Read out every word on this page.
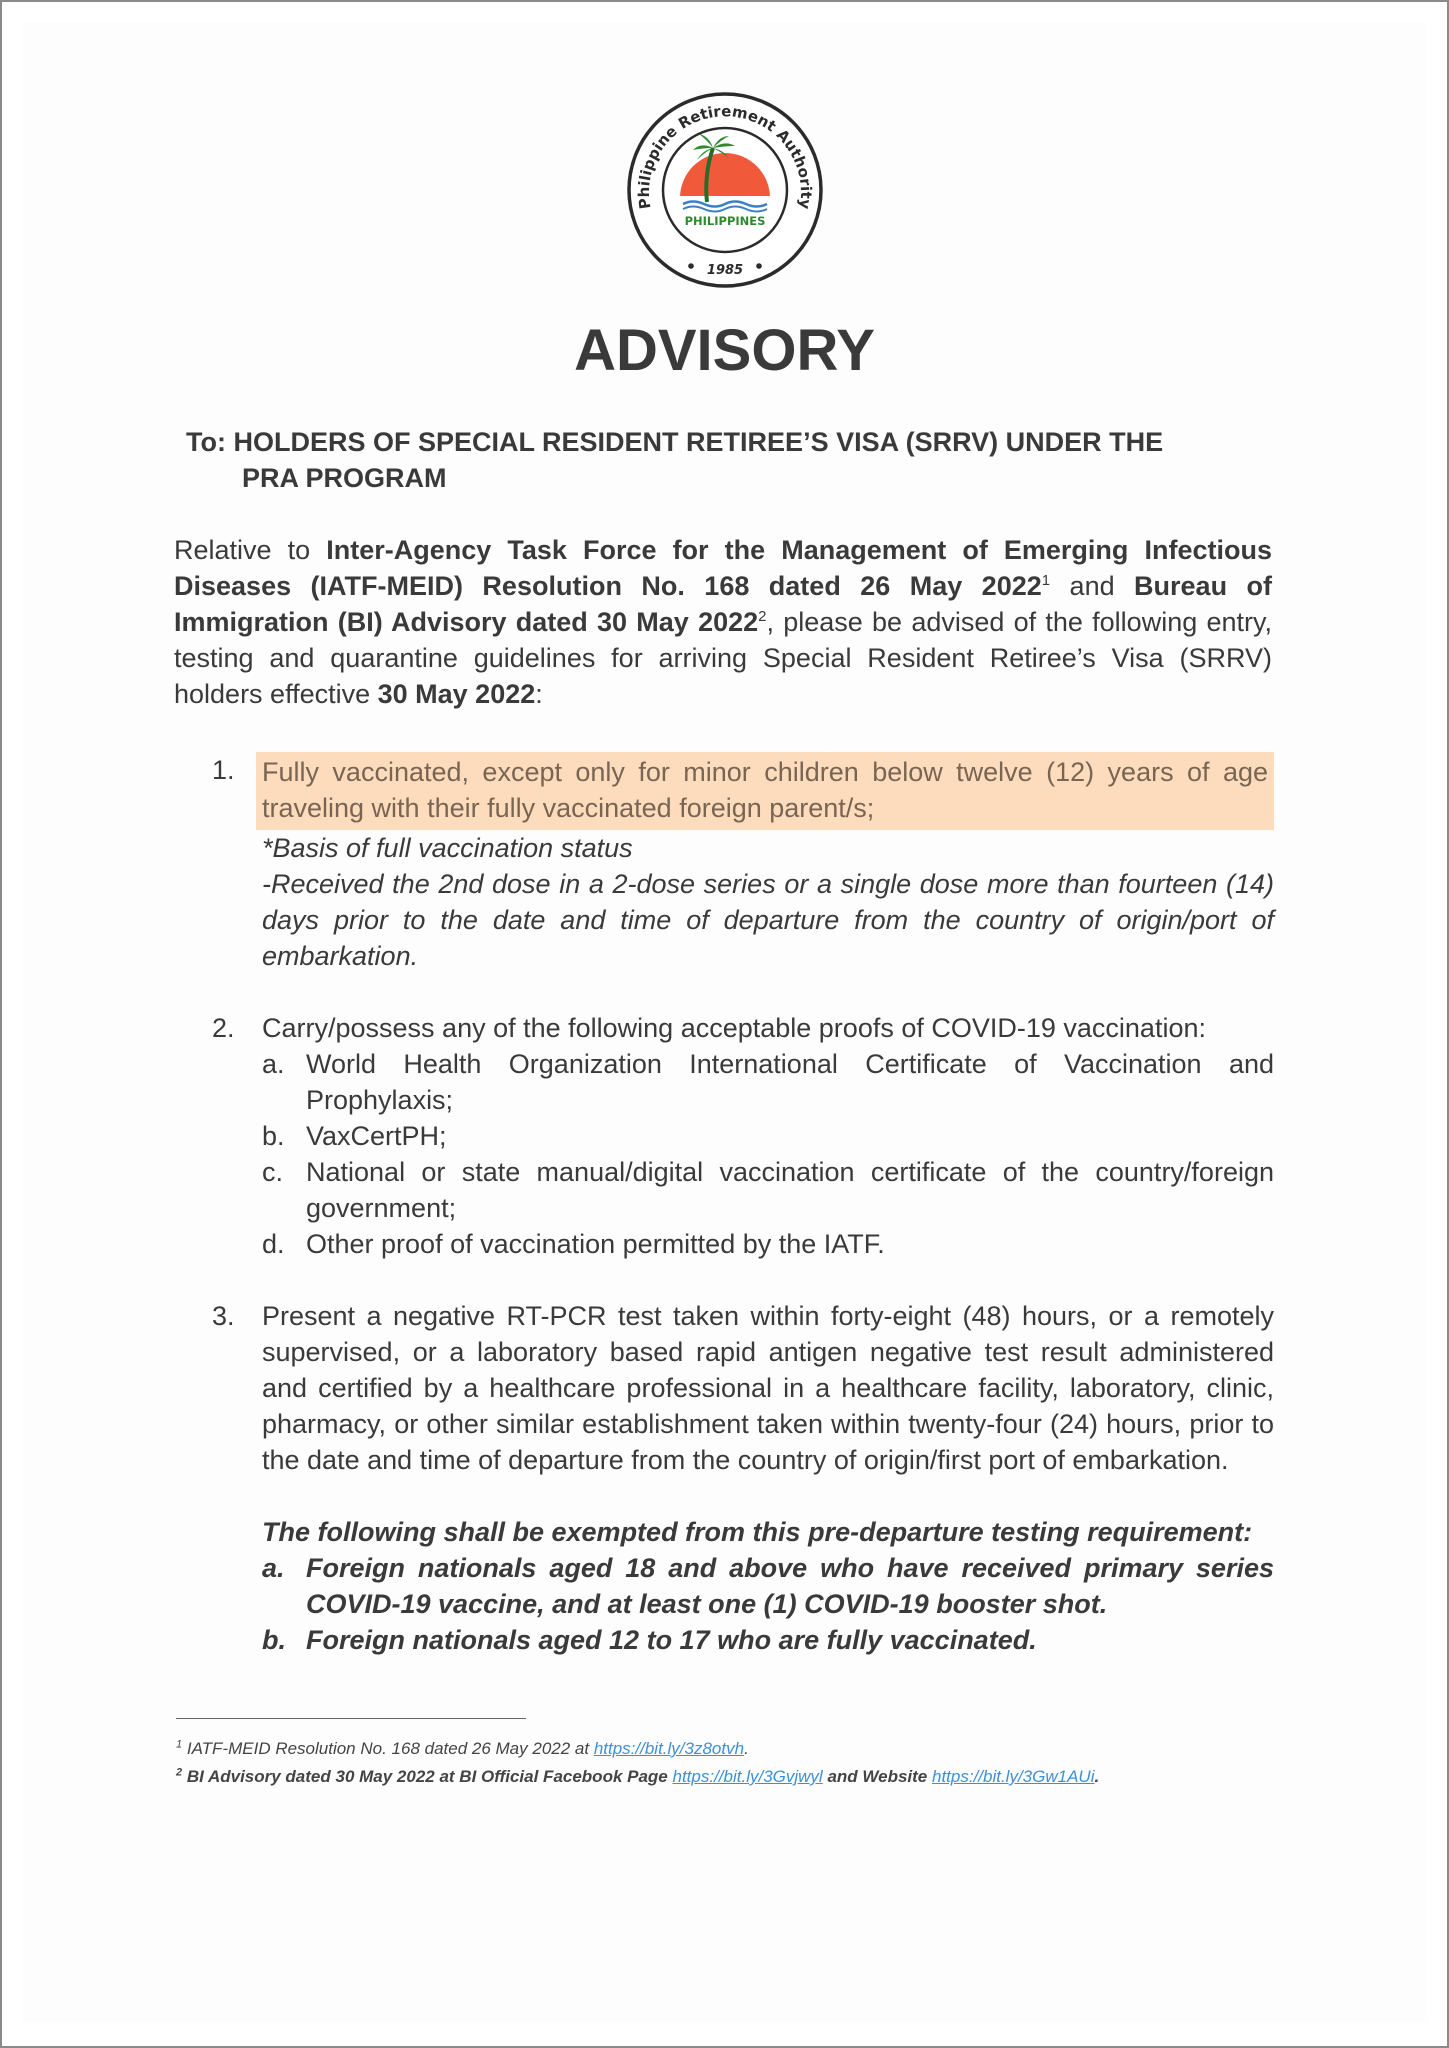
Philippine Retirement Authority
1985
PHILIPPINES
ADVISORY
To: HOLDERS OF SPECIAL RESIDENT RETIREE’S VISA (SRRV) UNDER THE
PRA PROGRAM
Relative to Inter-Agency Task Force for the Management of Emerging Infectious Diseases (IATF-MEID) Resolution No. 168 dated 26 May 2022$^1$ and Bureau of Immigration (BI) Advisory dated 30 May 2022$^2$, please be advised of the following entry, testing and quarantine guidelines for arriving Special Resident Retiree’s Visa (SRRV) holders effective 30 May 2022:
1. Fully vaccinated, except only for minor children below twelve (12) years of age traveling with their fully vaccinated foreign parent/s;
*Basis of full vaccination status
-Received the 2nd dose in a 2-dose series or a single dose more than fourteen (14) days prior to the date and time of departure from the country of origin/port of embarkation.
2. Carry/possess any of the following acceptable proofs of COVID-19 vaccination:
a. World Health Organization International Certificate of Vaccination and Prophylaxis;
b. VaxCertPH;
c. National or state manual/digital vaccination certificate of the country/foreign government;
d. Other proof of vaccination permitted by the IATF.
3. Present a negative RT-PCR test taken within forty-eight (48) hours, or a remotely supervised, or a laboratory based rapid antigen negative test result administered and certified by a healthcare professional in a healthcare facility, laboratory, clinic, pharmacy, or other similar establishment taken within twenty-four (24) hours, prior to the date and time of departure from the country of origin/first port of embarkation.
The following shall be exempted from this pre-departure testing requirement:
a. Foreign nationals aged 18 and above who have received primary series COVID-19 vaccine, and at least one (1) COVID-19 booster shot.
b. Foreign nationals aged 12 to 17 who are fully vaccinated.
$^1$ IATF-MEID Resolution No. 168 dated 26 May 2022 at https://bit.ly/3z8otvh.
$^2$ BI Advisory dated 30 May 2022 at BI Official Facebook Page https://bit.ly/3Gvjwyl and Website https://bit.ly/3Gw1AUi.
